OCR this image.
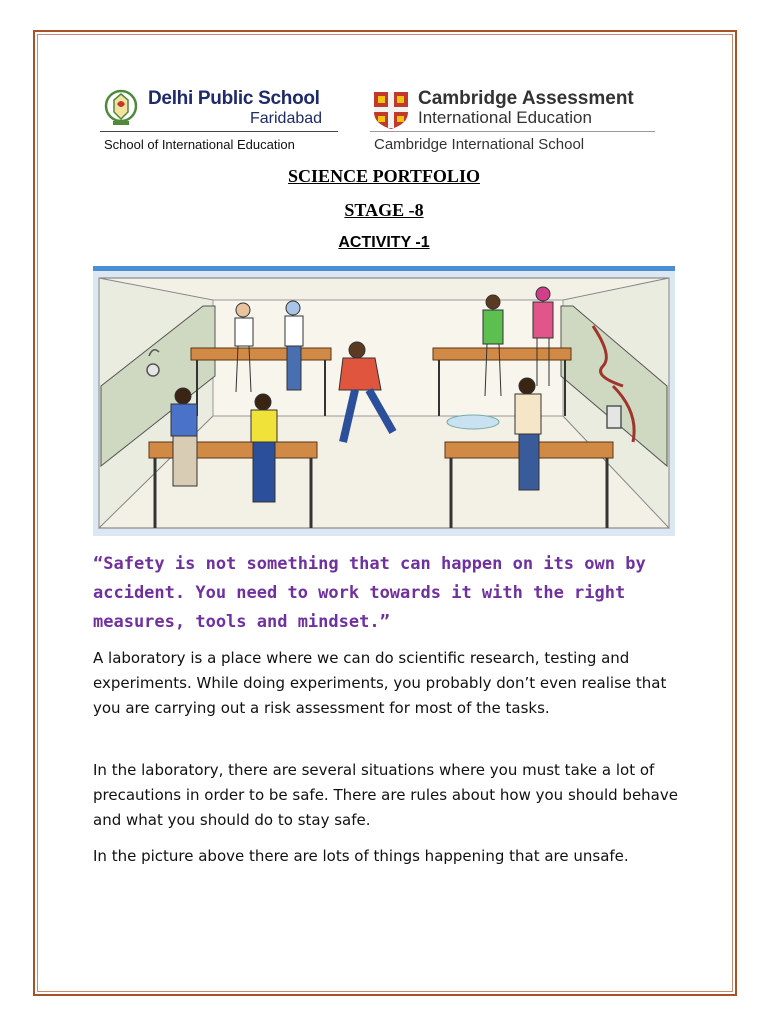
Delhi Public School
Faridabad
School of International Education
Cambridge Assessment
International Education
Cambridge International School
SCIENCE PORTFOLIO
STAGE -8
ACTIVITY -1

“Safety is not something that can happen on its own by accident. You need to work towards it with the right measures, tools and mindset.”

A laboratory is a place where we can do scientific research, testing and experiments. While doing experiments, you probably don’t even realise that you are carrying out a risk assessment for most of the tasks.

In the laboratory, there are several situations where you must take a lot of precautions in order to be safe. There are rules about how you should behave and what you should do to stay safe.

In the picture above there are lots of things happening that are unsafe.
